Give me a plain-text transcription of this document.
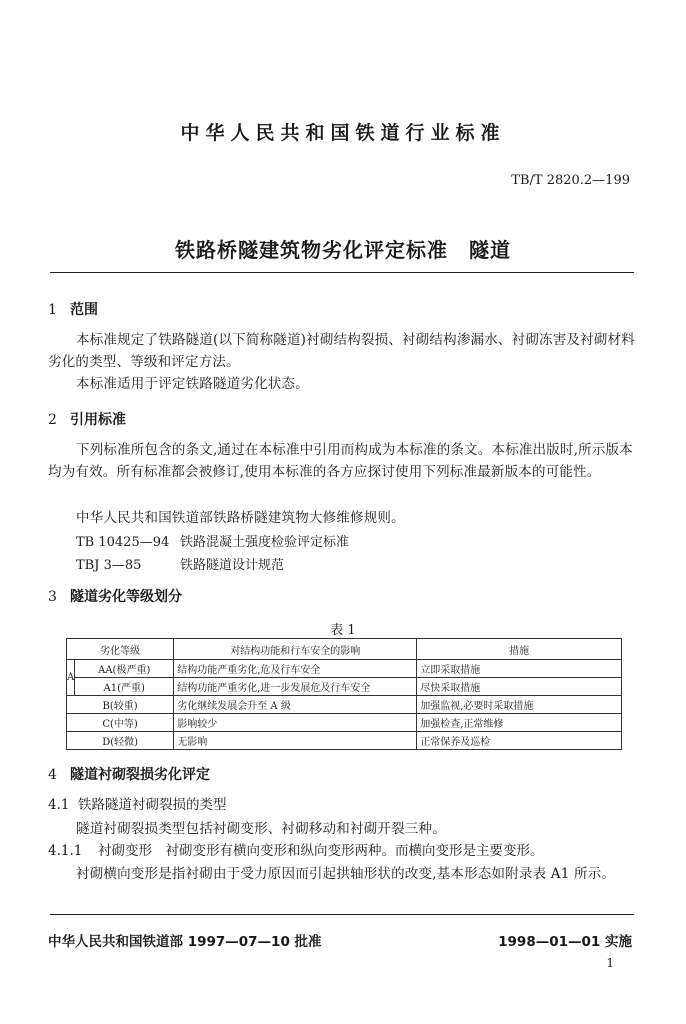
中华人民共和国铁道行业标准
TB/T 2820.2—199
铁路桥隧建筑物劣化评定标准　隧道
1 范围
本标准规定了铁路隧道(以下简称隧道)衬砌结构裂损、衬砌结构渗漏水、衬砌冻害及衬砌材料劣化的类型、等级和评定方法。
本标准适用于评定铁路隧道劣化状态。
2 引用标准
下列标准所包含的条文,通过在本标准中引用而构成为本标准的条文。本标准出版时,所示版本均为有效。所有标准都会被修订,使用本标准的各方应探讨使用下列标准最新版本的可能性。
中华人民共和国铁道部铁路桥隧建筑物大修维修规则。
TB 10425—94 铁路混凝土强度检验评定标准
TBJ 3—85	铁路隧道设计规范
3 隧道劣化等级划分
表 1
劣化等级		对结构功能和行车安全的影响	措施
A	AA(极严重)	结构功能严重劣化,危及行车安全	立即采取措施
	A1(严重)	结构功能严重劣化,进一步发展危及行车安全	尽快采取措施
B(较重)		劣化继续发展会升至 A 级	加强监视,必要时采取措施
C(中等)		影响较少	加强检查,正常维修
D(轻微)		无影响	正常保养及巡检
4 隧道衬砌裂损劣化评定
4.1 铁路隧道衬砌裂损的类型
隧道衬砌裂损类型包括衬砌变形、衬砌移动和衬砌开裂三种。
4.1.1 衬砌变形　衬砌变形有横向变形和纵向变形两种。而横向变形是主要变形。
衬砌横向变形是指衬砌由于受力原因而引起拱轴形状的改变,基本形态如附录表 A1 所示。
中华人民共和国铁道部 1997—07—10 批准	1998—01—01 实施
1
